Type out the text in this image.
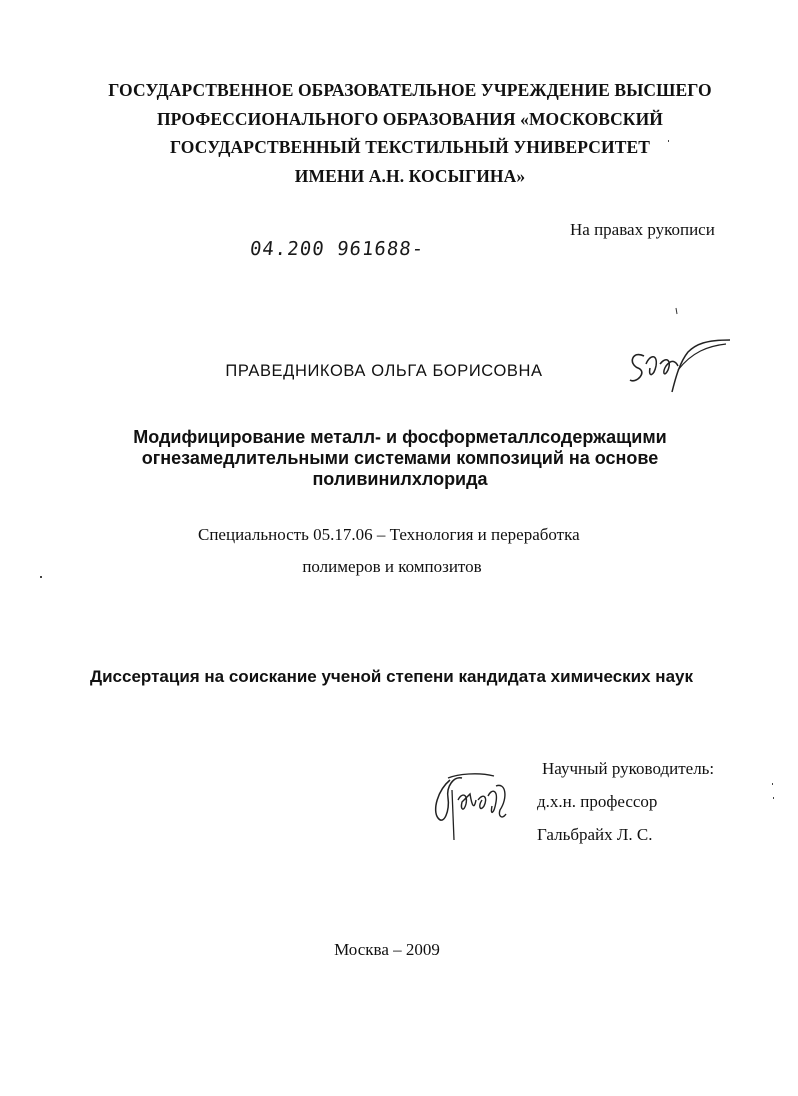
ГОСУДАРСТВЕННОЕ ОБРАЗОВАТЕЛЬНОЕ УЧРЕЖДЕНИЕ ВЫСШЕГО
ПРОФЕССИОНАЛЬНОГО ОБРАЗОВАНИЯ «МОСКОВСКИЙ
ГОСУДАРСТВЕННЫЙ ТЕКСТИЛЬНЫЙ УНИВЕРСИТЕТ
ИМЕНИ А.Н. КОСЫГИНА»
На правах рукописи
04.200 961688-
ПРАВЕДНИКОВА ОЛЬГА БОРИСОВНА
Модифицирование металл- и фосформеталлсодержащими
огнезамедлительными системами композиций на основе
поливинилхлорида
Специальность 05.17.06 – Технология и переработка
полимеров и композитов
Диссертация на соискание ученой степени кандидата химических наук
Научный руководитель:
д.х.н. профессор
Гальбрайх Л. С.
Москва – 2009
